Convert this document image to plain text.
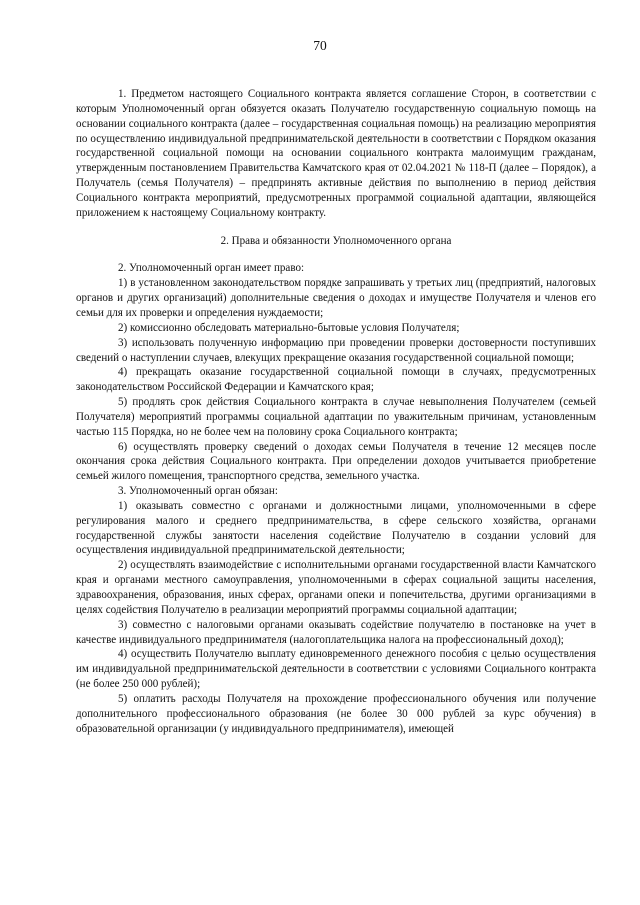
70

1. Предметом настоящего Социального контракта является соглашение Сторон, в соответствии с которым Уполномоченный орган обязуется оказать Получателю государственную социальную помощь на основании социального контракта (далее – государственная социальная помощь) на реализацию мероприятия по осуществлению индивидуальной предпринимательской деятельности в соответствии с Порядком оказания государственной социальной помощи на основании социального контракта малоимущим гражданам, утвержденным постановлением Правительства Камчатского края от 02.04.2021 № 118-П (далее – Порядок), а Получатель (семья Получателя) – предпринять активные действия по выполнению в период действия Социального контракта мероприятий, предусмотренных программой социальной адаптации, являющейся приложением к настоящему Социальному контракту.

2. Права и обязанности Уполномоченного органа

2. Уполномоченный орган имеет право:

1) в установленном законодательством порядке запрашивать у третьих лиц (предприятий, налоговых органов и других организаций) дополнительные сведения о доходах и имуществе Получателя и членов его семьи для их проверки и определения нуждаемости;

2) комиссионно обследовать материально-бытовые условия Получателя;

3) использовать полученную информацию при проведении проверки достоверности поступивших сведений о наступлении случаев, влекущих прекращение оказания государственной социальной помощи;

4) прекращать оказание государственной социальной помощи в случаях, предусмотренных законодательством Российской Федерации и Камчатского края;

5) продлять срок действия Социального контракта в случае невыполнения Получателем (семьей Получателя) мероприятий программы социальной адаптации по уважительным причинам, установленным частью 115 Порядка, но не более чем на половину срока Социального контракта;

6) осуществлять проверку сведений о доходах семьи Получателя в течение 12 месяцев после окончания срока действия Социального контракта. При определении доходов учитывается приобретение семьей жилого помещения, транспортного средства, земельного участка.

3. Уполномоченный орган обязан:

1) оказывать совместно с органами и должностными лицами, уполномоченными в сфере регулирования малого и среднего предпринимательства, в сфере сельского хозяйства, органами государственной службы занятости населения содействие Получателю в создании условий для осуществления индивидуальной предпринимательской деятельности;

2) осуществлять взаимодействие с исполнительными органами государственной власти Камчатского края и органами местного самоуправления, уполномоченными в сферах социальной защиты населения, здравоохранения, образования, иных сферах, органами опеки и попечительства, другими организациями в целях содействия Получателю в реализации мероприятий программы социальной адаптации;

3) совместно с налоговыми органами оказывать содействие получателю в постановке на учет в качестве индивидуального предпринимателя (налогоплательщика налога на профессиональный доход);

4) осуществить Получателю выплату единовременного денежного пособия с целью осуществления им индивидуальной предпринимательской деятельности в соответствии с условиями Социального контракта (не более 250 000 рублей);

5) оплатить расходы Получателя на прохождение профессионального обучения или получение дополнительного профессионального образования (не более 30 000 рублей за курс обучения) в образовательной организации (у индивидуального предпринимателя), имеющей
